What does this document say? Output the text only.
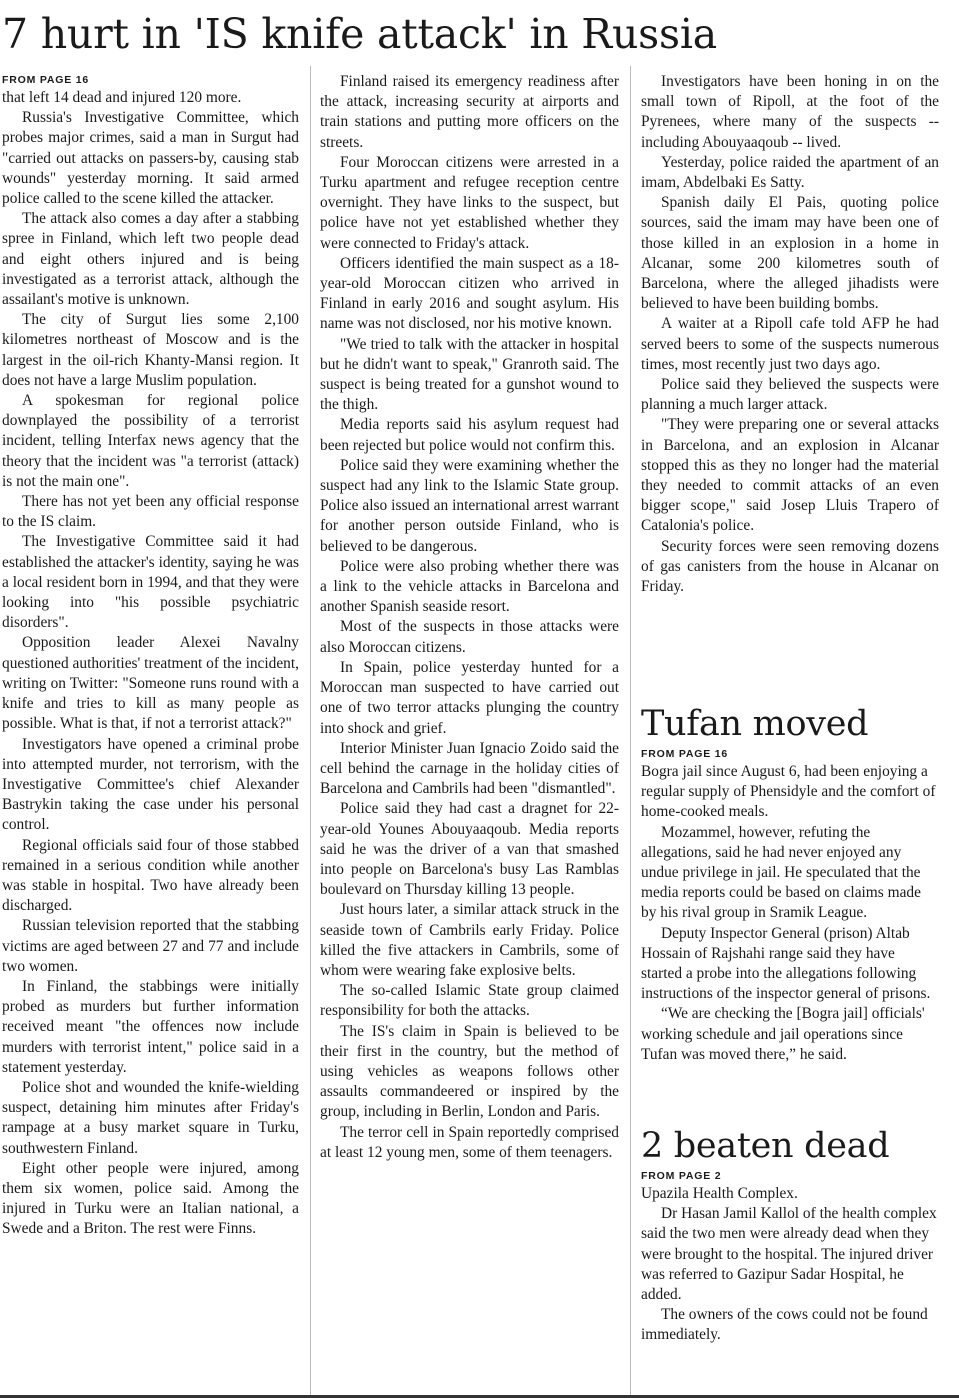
7 hurt in 'IS knife attack' in Russia
FROM PAGE 16

that left 14 dead and injured 120 more.

Russia's Investigative Committee, which probes major crimes, said a man in Surgut had "carried out attacks on passers-by, causing stab wounds" yesterday morning. It said armed police called to the scene killed the attacker.

The attack also comes a day after a stabbing spree in Finland, which left two people dead and eight others injured and is being investigated as a terrorist attack, although the assailant's motive is unknown.

The city of Surgut lies some 2,100 kilometres northeast of Moscow and is the largest in the oil-rich Khanty-Mansi region. It does not have a large Muslim population.

A spokesman for regional police downplayed the possibility of a terrorist incident, telling Interfax news agency that the theory that the incident was "a terrorist (attack) is not the main one".

There has not yet been any official response to the IS claim.

The Investigative Committee said it had established the attacker's identity, saying he was a local resident born in 1994, and that they were looking into "his possible psychiatric disorders".

Opposition leader Alexei Navalny questioned authorities' treatment of the incident, writing on Twitter: "Someone runs round with a knife and tries to kill as many people as possible. What is that, if not a terrorist attack?"

Investigators have opened a criminal probe into attempted murder, not terrorism, with the Investigative Committee's chief Alexander Bastrykin taking the case under his personal control.

Regional officials said four of those stabbed remained in a serious condition while another was stable in hospital. Two have already been discharged.

Russian television reported that the stabbing victims are aged between 27 and 77 and include two women.

In Finland, the stabbings were initially probed as murders but further information received meant "the offences now include murders with terrorist intent," police said in a statement yesterday.

Police shot and wounded the knife-wielding suspect, detaining him minutes after Friday's rampage at a busy market square in Turku, southwestern Finland.

Eight other people were injured, among them six women, police said. Among the injured in Turku were an Italian national, a Swede and a Briton. The rest were Finns.

Finland raised its emergency readiness after the attack, increasing security at airports and train stations and putting more officers on the streets.

Four Moroccan citizens were arrested in a Turku apartment and refugee reception centre overnight. They have links to the suspect, but police have not yet established whether they were connected to Friday's attack.

Officers identified the main suspect as a 18-year-old Moroccan citizen who arrived in Finland in early 2016 and sought asylum. His name was not disclosed, nor his motive known.

"We tried to talk with the attacker in hospital but he didn't want to speak," Granroth said. The suspect is being treated for a gunshot wound to the thigh.

Media reports said his asylum request had been rejected but police would not confirm this.

Police said they were examining whether the suspect had any link to the Islamic State group. Police also issued an international arrest warrant for another person outside Finland, who is believed to be dangerous.

Police were also probing whether there was a link to the vehicle attacks in Barcelona and another Spanish seaside resort.

Most of the suspects in those attacks were also Moroccan citizens.

In Spain, police yesterday hunted for a Moroccan man suspected to have carried out one of two terror attacks plunging the country into shock and grief.

Interior Minister Juan Ignacio Zoido said the cell behind the carnage in the holiday cities of Barcelona and Cambrils had been "dismantled".

Police said they had cast a dragnet for 22-year-old Younes Abouyaaqoub. Media reports said he was the driver of a van that smashed into people on Barcelona's busy Las Ramblas boulevard on Thursday killing 13 people.

Just hours later, a similar attack struck in the seaside town of Cambrils early Friday. Police killed the five attackers in Cambrils, some of whom were wearing fake explosive belts.

The so-called Islamic State group claimed responsibility for both the attacks.

The IS's claim in Spain is believed to be their first in the country, but the method of using vehicles as weapons follows other assaults commandeered or inspired by the group, including in Berlin, London and Paris.

The terror cell in Spain reportedly comprised at least 12 young men, some of them teenagers.

Investigators have been honing in on the small town of Ripoll, at the foot of the Pyrenees, where many of the suspects -- including Abouyaaqoub -- lived.

Yesterday, police raided the apartment of an imam, Abdelbaki Es Satty.

Spanish daily El Pais, quoting police sources, said the imam may have been one of those killed in an explosion in a home in Alcanar, some 200 kilometres south of Barcelona, where the alleged jihadists were believed to have been building bombs.

A waiter at a Ripoll cafe told AFP he had served beers to some of the suspects numerous times, most recently just two days ago.

Police said they believed the suspects were planning a much larger attack.

"They were preparing one or several attacks in Barcelona, and an explosion in Alcanar stopped this as they no longer had the material they needed to commit attacks of an even bigger scope," said Josep Lluis Trapero of Catalonia's police.

Security forces were seen removing dozens of gas canisters from the house in Alcanar on Friday.

Tufan moved
FROM PAGE 16

Bogra jail since August 6, had been enjoying a regular supply of Phensidyle and the comfort of home-cooked meals.

Mozammel, however, refuting the allegations, said he had never enjoyed any undue privilege in jail. He speculated that the media reports could be based on claims made by his rival group in Sramik League.

Deputy Inspector General (prison) Altab Hossain of Rajshahi range said they have started a probe into the allegations following instructions of the inspector general of prisons.

“We are checking the [Bogra jail] officials' working schedule and jail operations since Tufan was moved there,” he said.

2 beaten dead
FROM PAGE 2

Upazila Health Complex.

Dr Hasan Jamil Kallol of the health complex said the two men were already dead when they were brought to the hospital. The injured driver was referred to Gazipur Sadar Hospital, he added.

The owners of the cows could not be found immediately.
